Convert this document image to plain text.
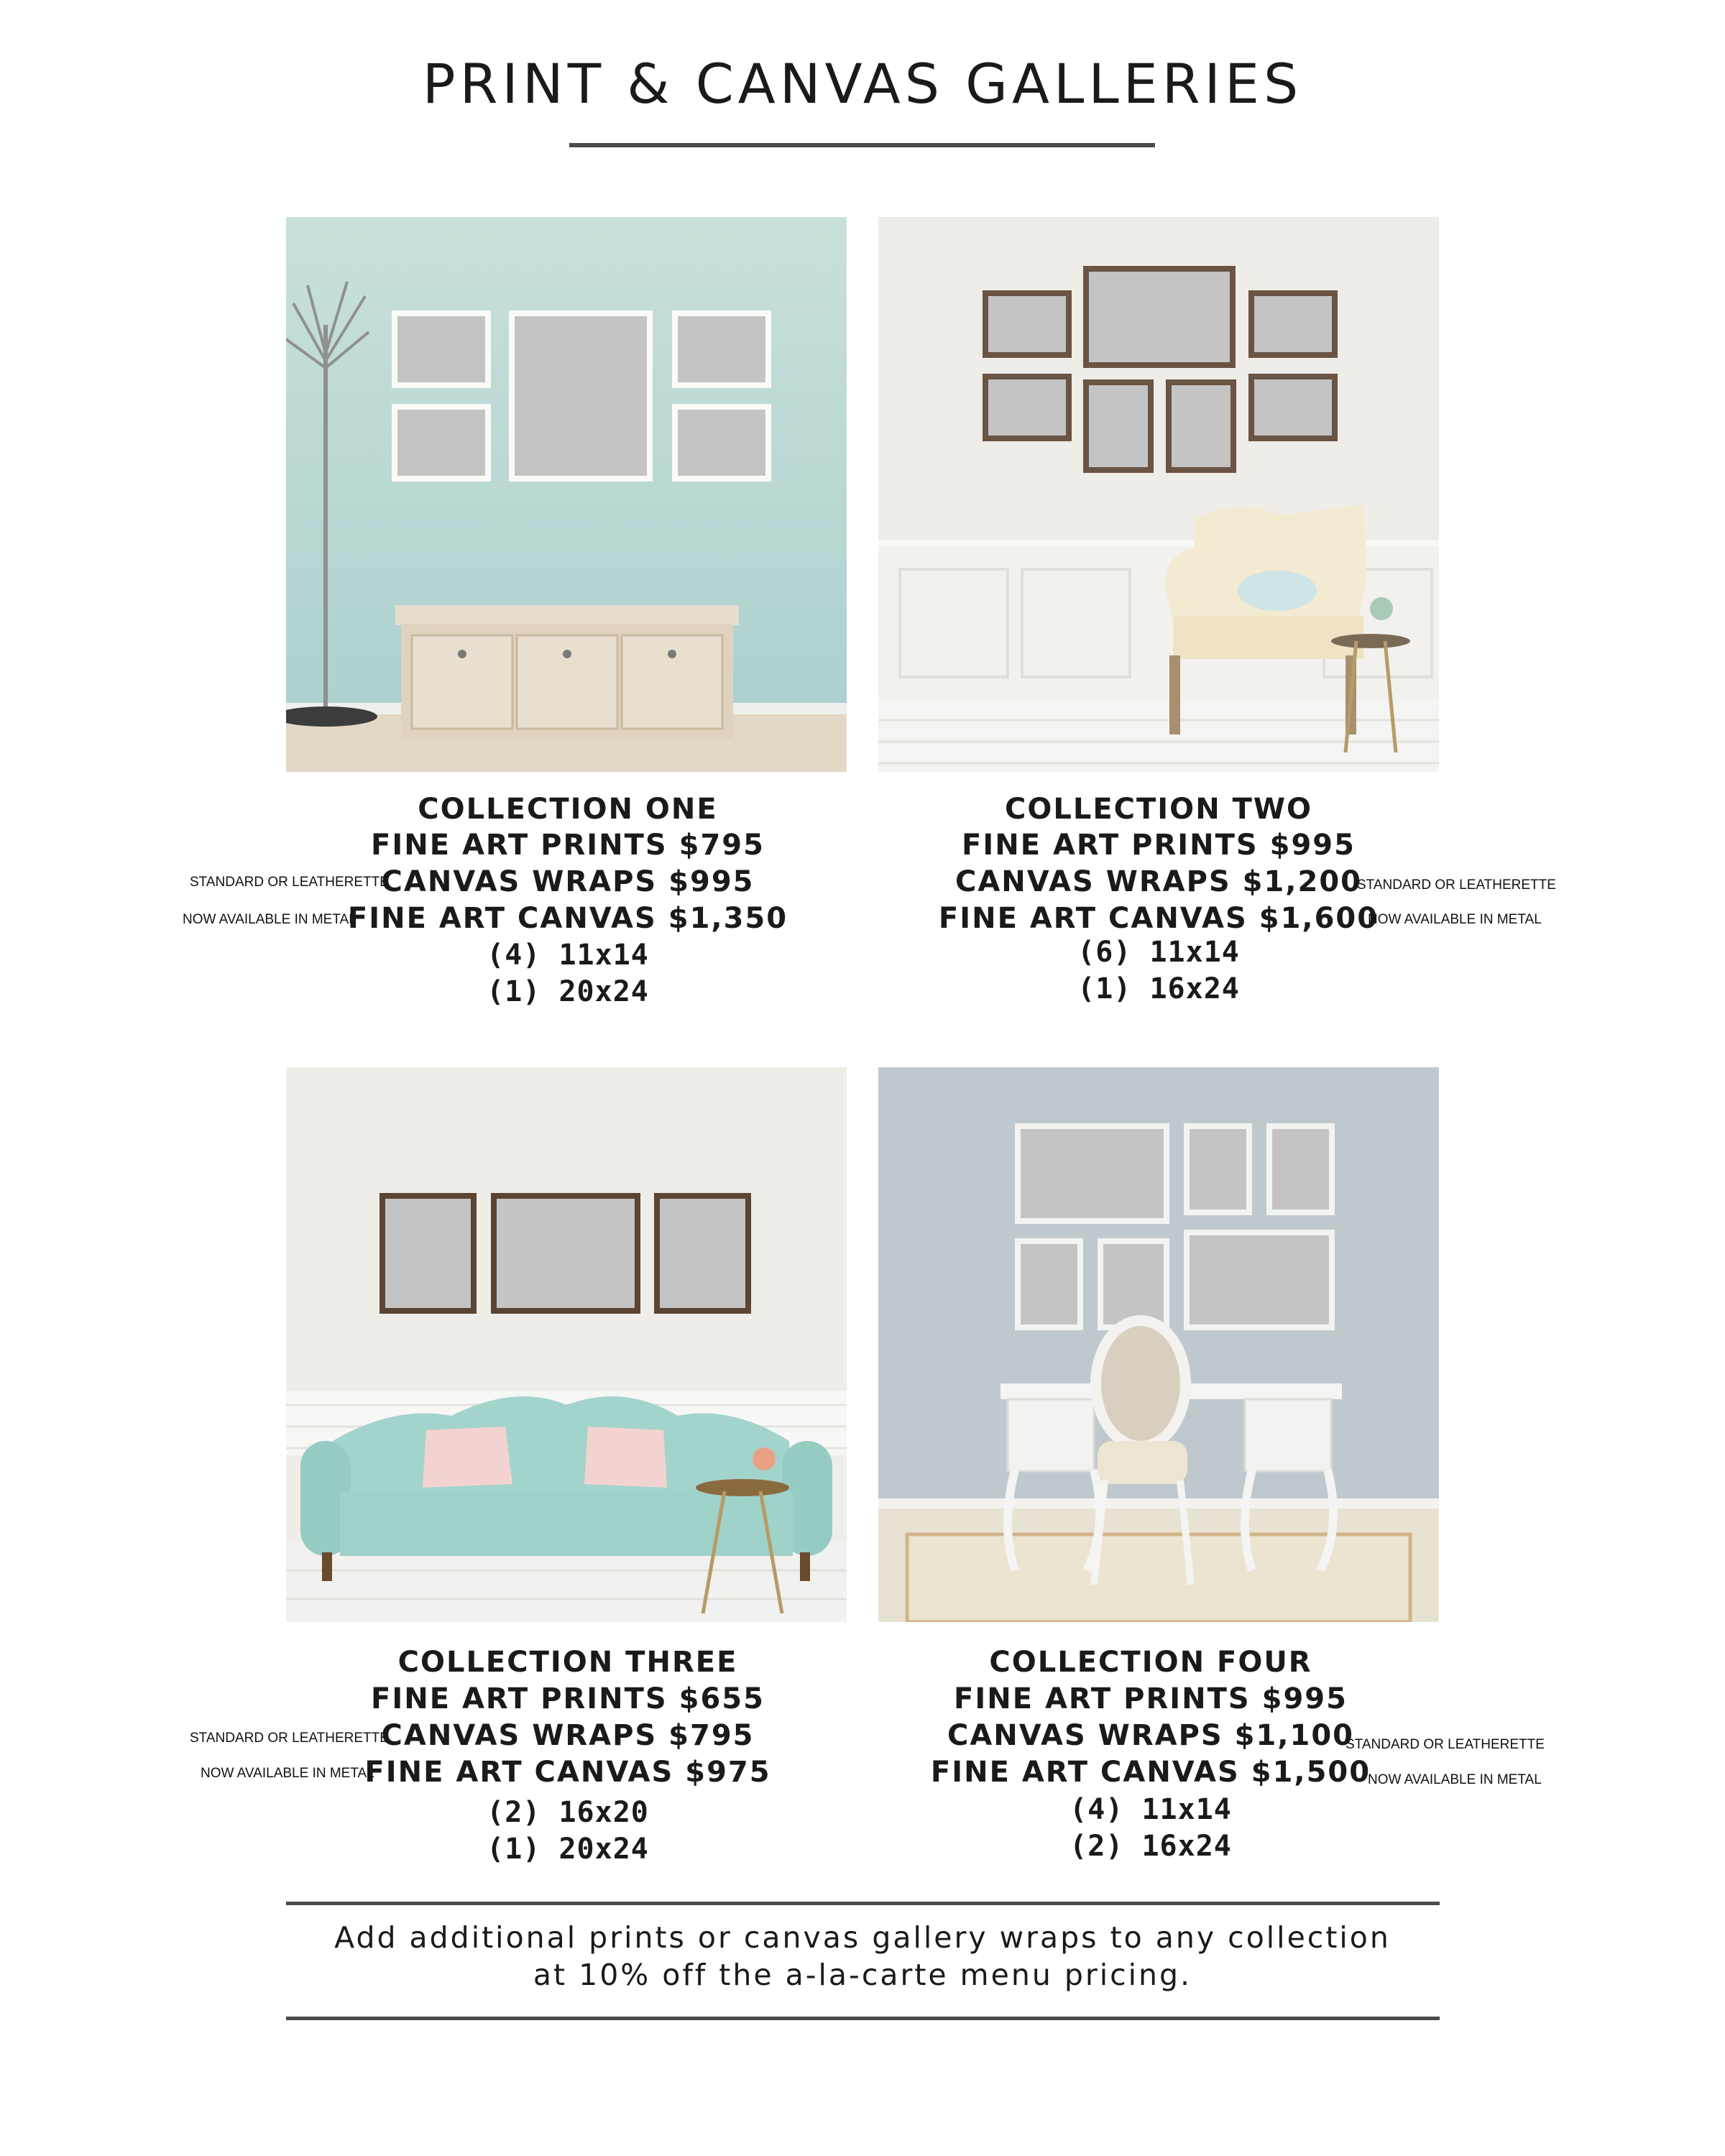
PRINT & CANVAS GALLERIES
COLLECTION ONE
FINE ART PRINTS $795
CANVAS WRAPS $995
FINE ART CANVAS $1,350
(4) 11x14
(1) 20x24
STANDARD OR LEATHERETTE
NOW AVAILABLE IN METAL
COLLECTION TWO
FINE ART PRINTS $995
CANVAS WRAPS $1,200
FINE ART CANVAS $1,600
(6) 11x14
(1) 16x24
STANDARD OR LEATHERETTE
NOW AVAILABLE IN METAL
COLLECTION THREE
FINE ART PRINTS $655
CANVAS WRAPS $795
FINE ART CANVAS $975
(2) 16x20
(1) 20x24
STANDARD OR LEATHERETTE
NOW AVAILABLE IN METAL
COLLECTION FOUR
FINE ART PRINTS $995
CANVAS WRAPS $1,100
FINE ART CANVAS $1,500
(4) 11x14
(2) 16x24
STANDARD OR LEATHERETTE
NOW AVAILABLE IN METAL
Add additional prints or canvas gallery wraps to any collection
at 10% off the a-la-carte menu pricing.
